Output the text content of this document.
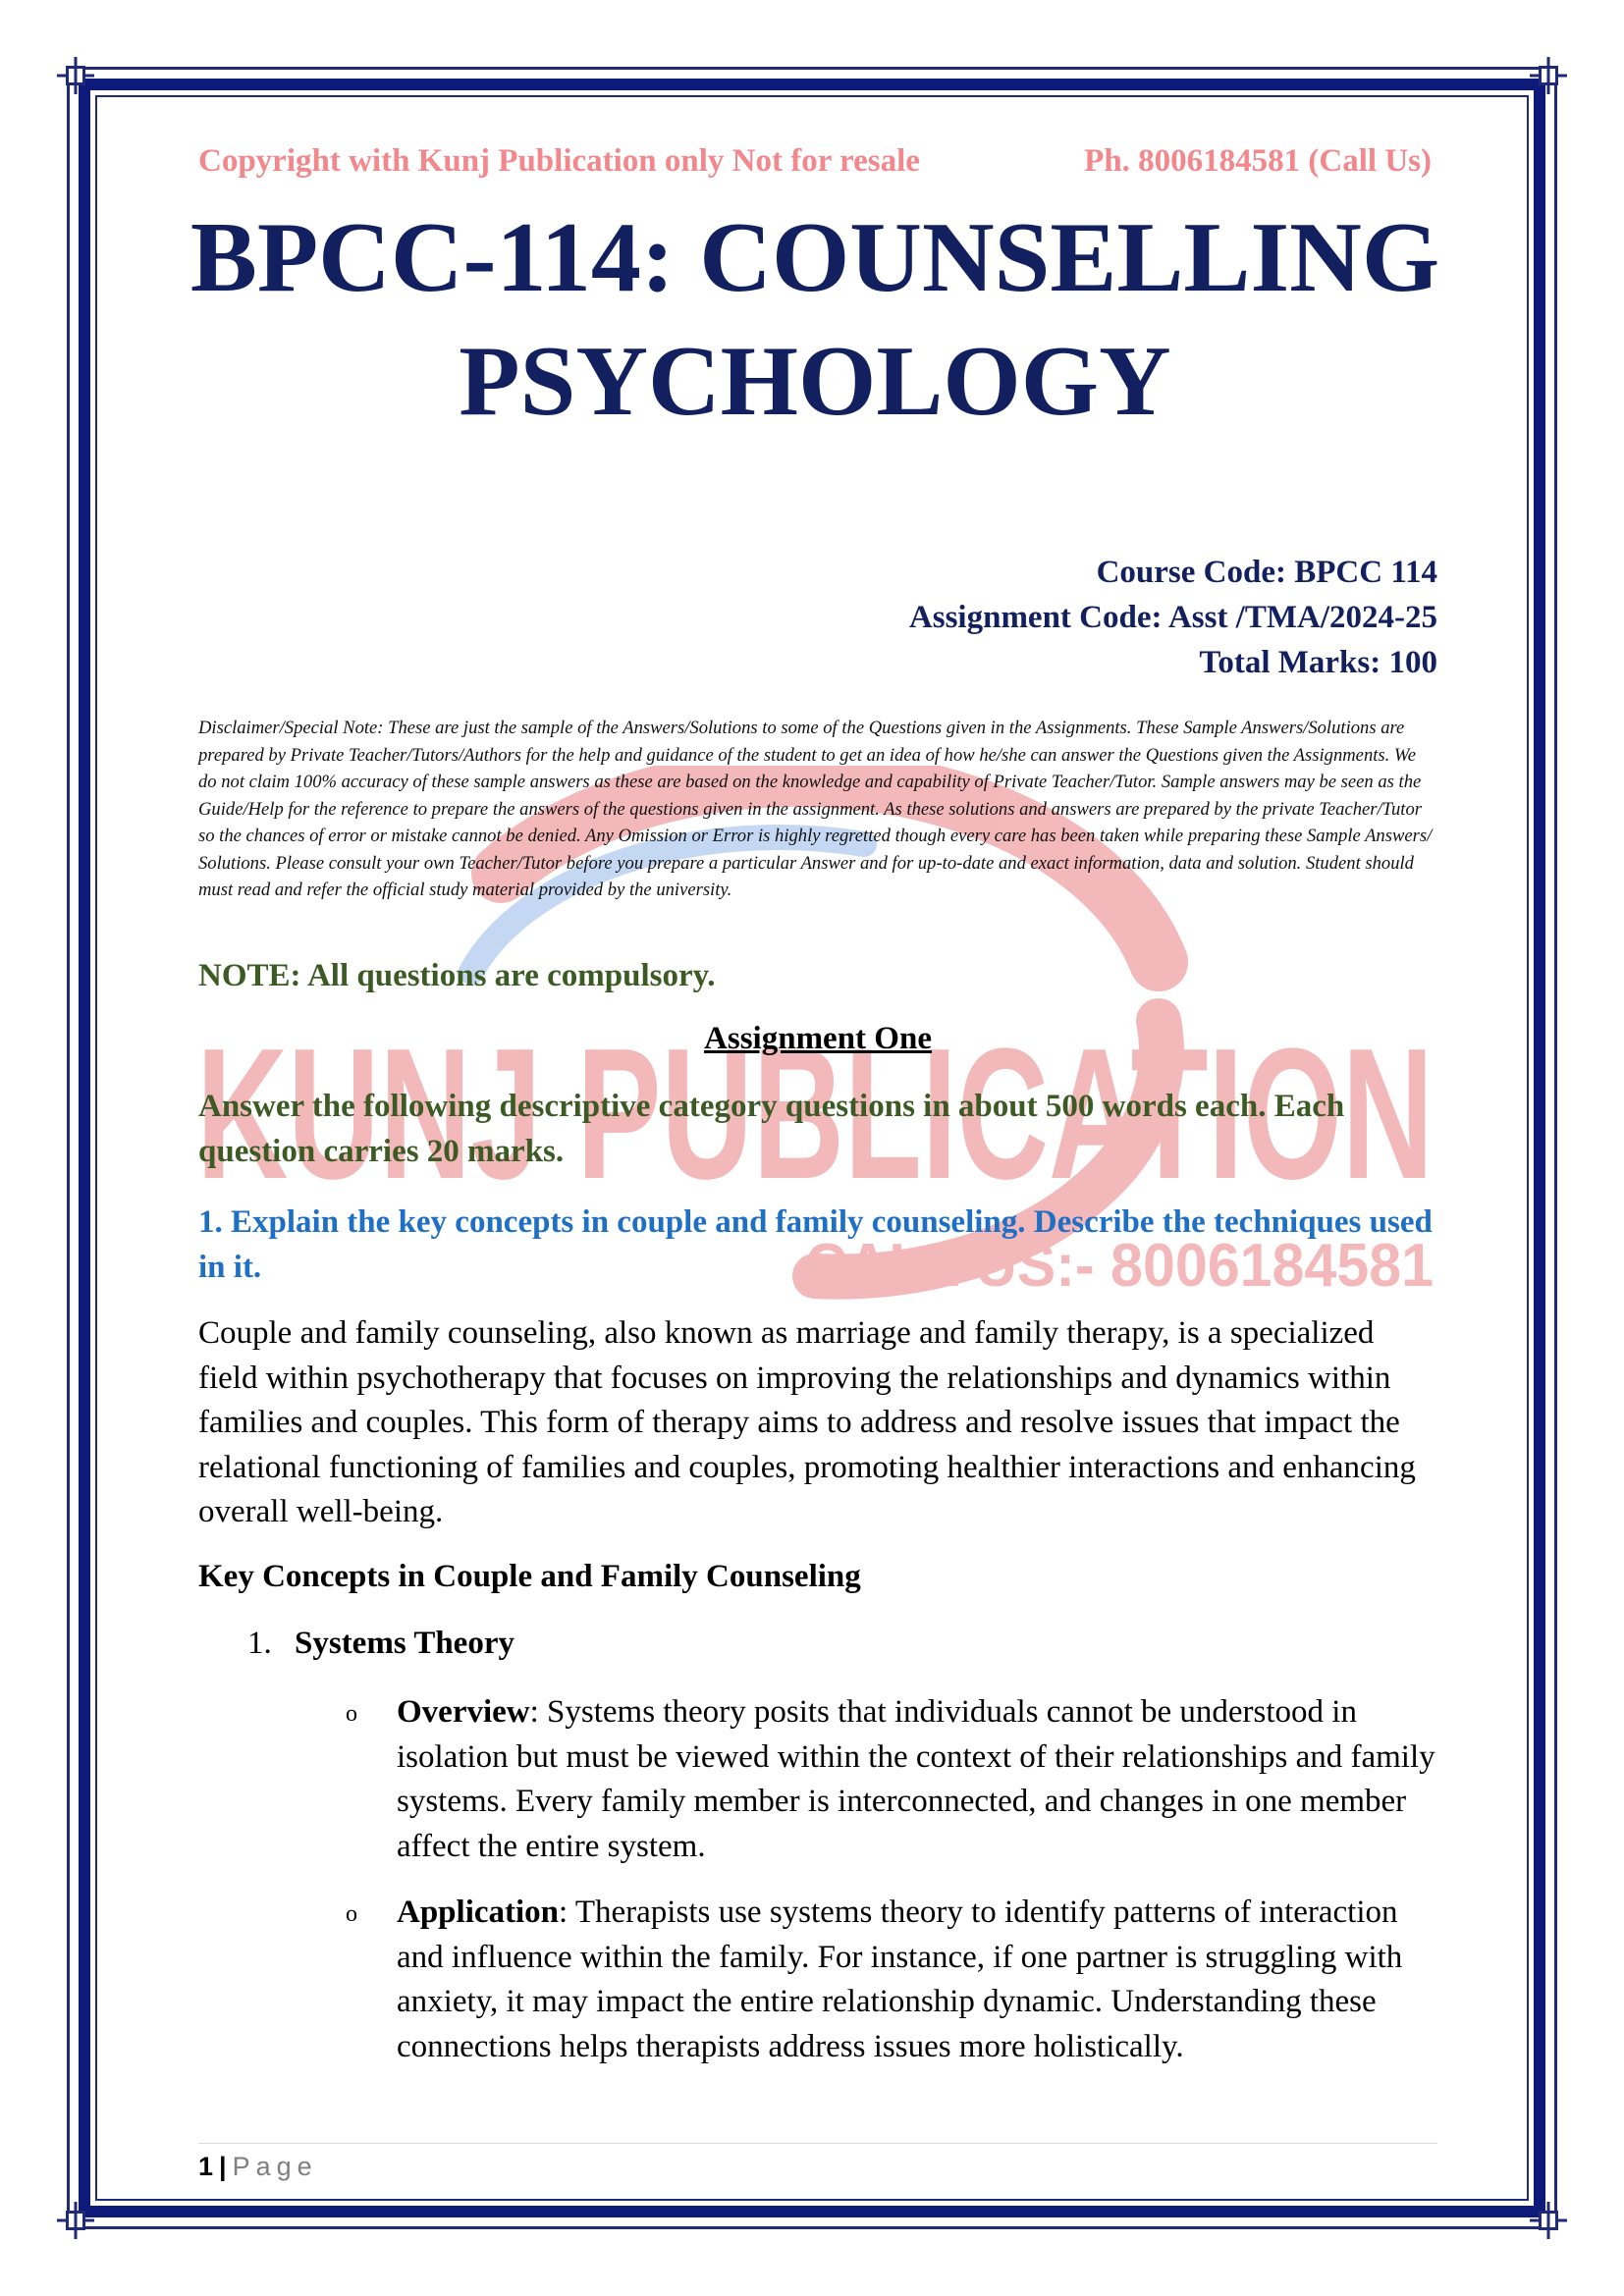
KUNJ PUBLICATION
CALL US:- 8006184581
Copyright with Kunj Publication only Not for resale	Ph. 8006184581 (Call Us)
BPCC-114: COUNSELLING
PSYCHOLOGY
Course Code: BPCC 114
Assignment Code: Asst /TMA/2024-25
Total Marks: 100
Disclaimer/Special Note: These are just the sample of the Answers/Solutions to some of the Questions given in the Assignments. These Sample Answers/Solutions are prepared by Private Teacher/Tutors/Authors for the help and guidance of the student to get an idea of how he/she can answer the Questions given the Assignments. We do not claim 100% accuracy of these sample answers as these are based on the knowledge and capability of Private Teacher/Tutor. Sample answers may be seen as the Guide/Help for the reference to prepare the answers of the questions given in the assignment. As these solutions and answers are prepared by the private Teacher/Tutor so the chances of error or mistake cannot be denied. Any Omission or Error is highly regretted though every care has been taken while preparing these Sample Answers/ Solutions. Please consult your own Teacher/Tutor before you prepare a particular Answer and for up-to-date and exact information, data and solution. Student should must read and refer the official study material provided by the university.
NOTE: All questions are compulsory.
Assignment One
Answer the following descriptive category questions in about 500 words each. Each question carries 20 marks.
1. Explain the key concepts in couple and family counseling. Describe the techniques used in it.
Couple and family counseling, also known as marriage and family therapy, is a specialized field within psychotherapy that focuses on improving the relationships and dynamics within families and couples. This form of therapy aims to address and resolve issues that impact the relational functioning of families and couples, promoting healthier interactions and enhancing overall well-being.
Key Concepts in Couple and Family Counseling
1. Systems Theory
o Overview: Systems theory posits that individuals cannot be understood in isolation but must be viewed within the context of their relationships and family systems. Every family member is interconnected, and changes in one member affect the entire system.
o Application: Therapists use systems theory to identify patterns of interaction and influence within the family. For instance, if one partner is struggling with anxiety, it may impact the entire relationship dynamic. Understanding these connections helps therapists address issues more holistically.
1 | Page
